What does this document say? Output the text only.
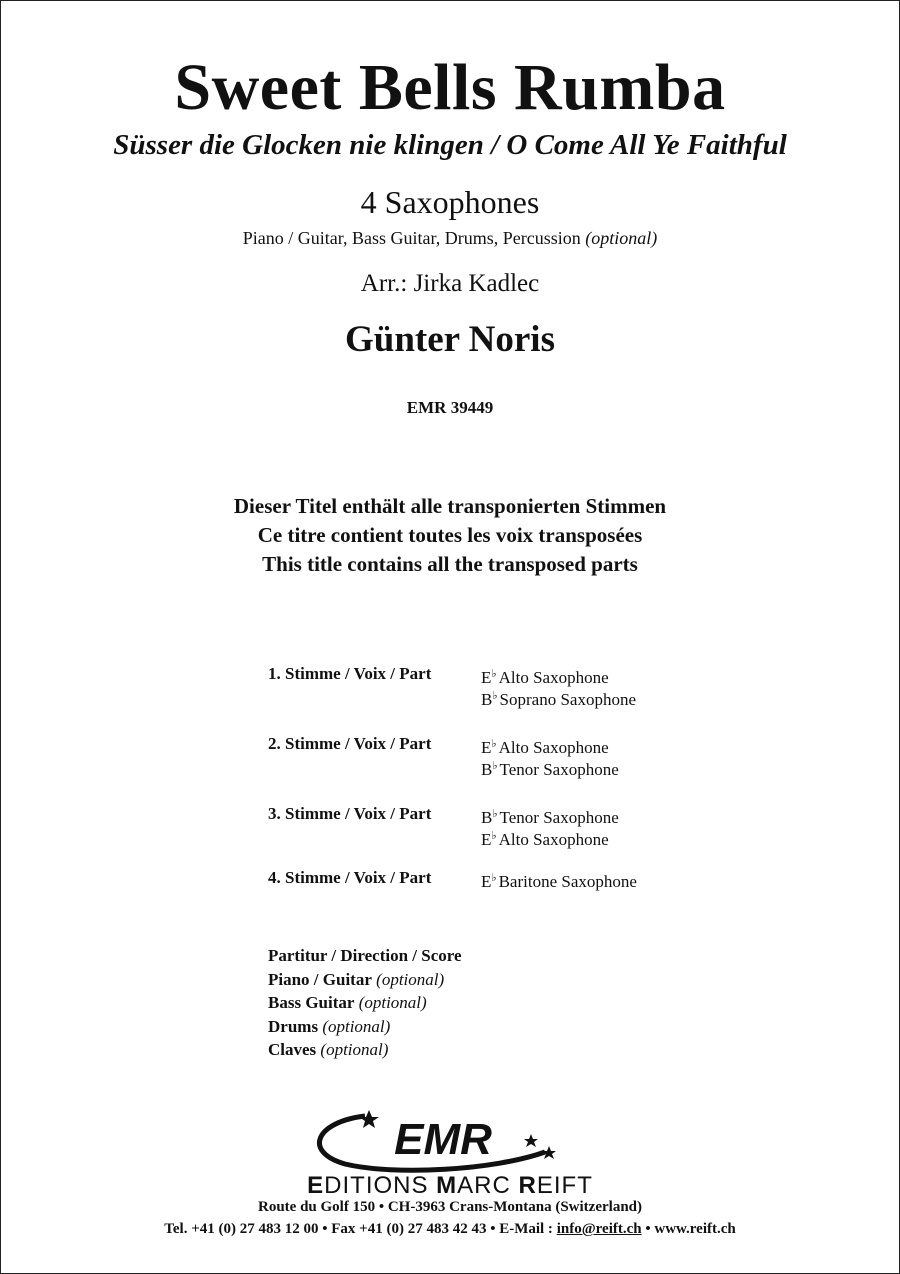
Sweet Bells Rumba
Süsser die Glocken nie klingen / O Come All Ye Faithful
4 Saxophones
Piano / Guitar, Bass Guitar, Drums, Percussion (optional)
Arr.: Jirka Kadlec
Günter Noris
EMR 39449
Dieser Titel enthält alle transponierten Stimmen
Ce titre contient toutes les voix transposées
This title contains all the transposed parts
1. Stimme / Voix / Part	E♭ Alto Saxophone
B♭ Soprano Saxophone
2. Stimme / Voix / Part	E♭ Alto Saxophone
B♭ Tenor Saxophone
3. Stimme / Voix / Part	B♭ Tenor Saxophone
E♭ Alto Saxophone
4. Stimme / Voix / Part	E♭ Baritone Saxophone
Partitur / Direction / Score
Piano / Guitar (optional)
Bass Guitar (optional)
Drums (optional)
Claves (optional)
EMR
EDITIONS MARC REIFT
Route du Golf 150 • CH-3963 Crans-Montana (Switzerland)
Tel. +41 (0) 27 483 12 00 • Fax +41 (0) 27 483 42 43 • E-Mail : info@reift.ch • www.reift.ch
